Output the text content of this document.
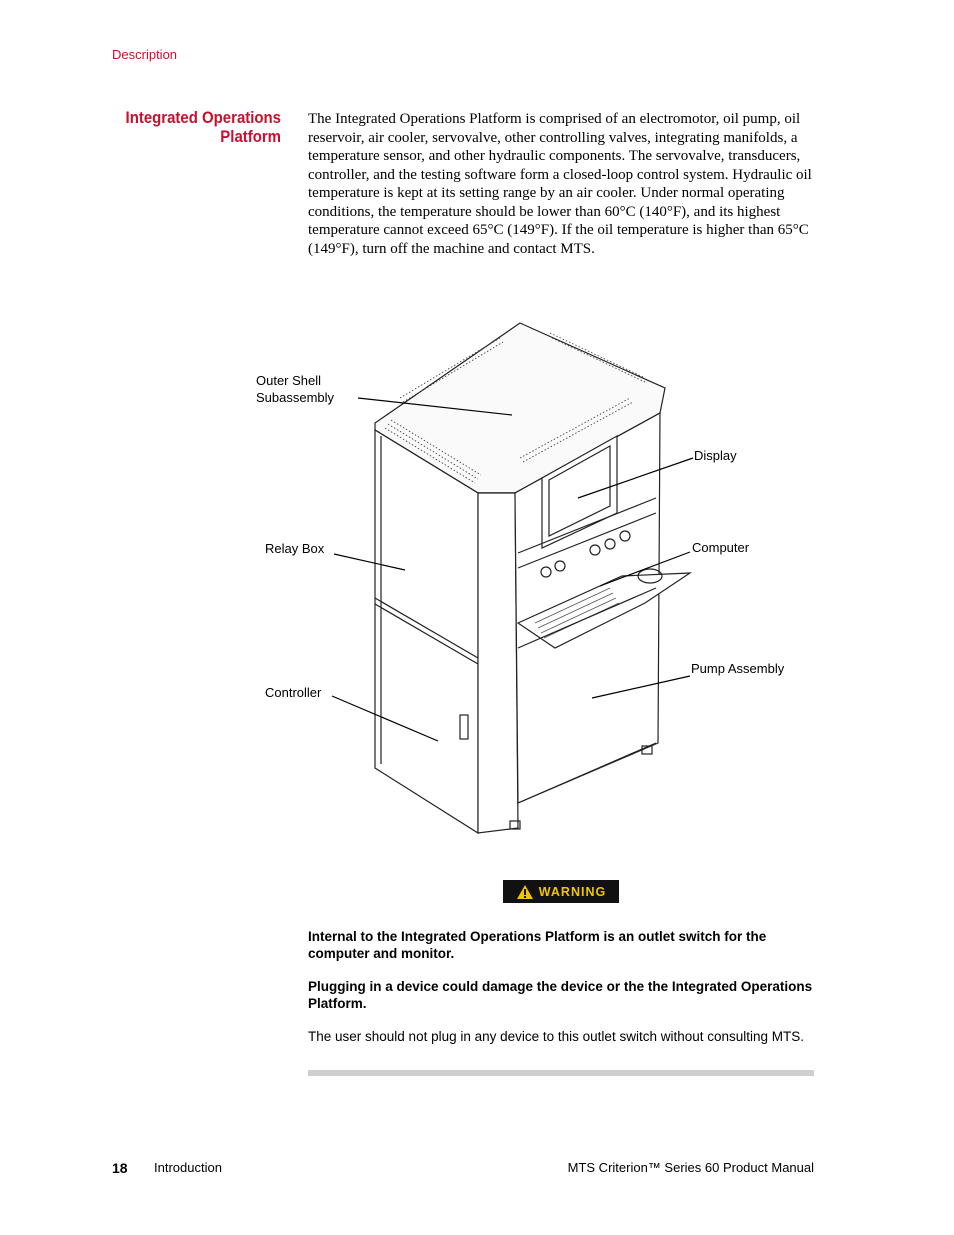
Description
Integrated Operations Platform
The Integrated Operations Platform is comprised of an electromotor, oil pump, oil reservoir, air cooler, servovalve, other controlling valves, integrating manifolds, a temperature sensor, and other hydraulic components. The servovalve, transducers, controller, and the testing software form a closed-loop control system. Hydraulic oil temperature is kept at its setting range by an air cooler. Under normal operating conditions, the temperature should be lower than 60°C (140°F), and its highest temperature cannot exceed 65°C (149°F). If the oil temperature is higher than 65°C (149°F), turn off the machine and contact MTS.
Outer Shell
Subassembly
Display
Relay Box	Computer
Pump Assembly
Controller
WARNING
Internal to the Integrated Operations Platform is an outlet switch for the computer and monitor.
Plugging in a device could damage the device or the the Integrated Operations Platform.
The user should not plug in any device to this outlet switch without consulting MTS.
18 Introduction	MTS Criterion™ Series 60 Product Manual
